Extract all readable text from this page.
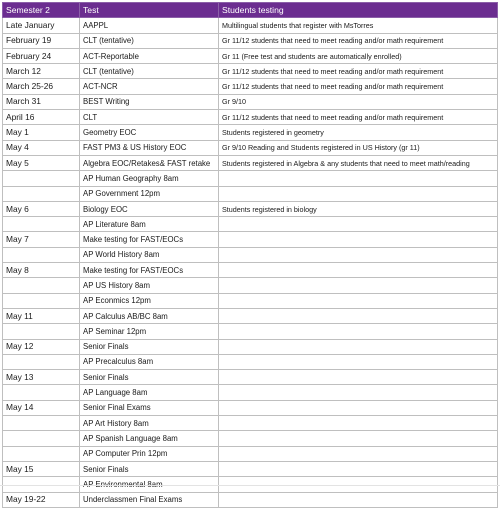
Semester 2	Test	Students testing
Late January	AAPPL	Multilingual students that register with MsTorres
February 19	CLT (tentative)	Gr 11/12 students that need to meet reading and/or math requirement
February 24	ACT-Reportable	Gr 11 (Free test and students are automatically enrolled)
March 12	CLT (tentative)	Gr 11/12 students that need to meet reading and/or math requirement
March 25-26	ACT-NCR	Gr 11/12 students that need to meet reading and/or math requirement
March 31	BEST Writing	Gr 9/10
April 16	CLT	Gr 11/12 students that need to meet reading and/or math requirement
May 1	Geometry EOC	Students registered in geometry
May 4	FAST PM3 & US History EOC	Gr 9/10 Reading and Students registered in US History (gr 11)
May 5	Algebra EOC/Retakes& FAST retake	Students registered in Algebra & any students that need to meet math/reading
	AP Human Geography 8am	
	AP Government 12pm	
May 6	Biology EOC	Students registered in biology
	AP Literature 8am	
May 7	Make testing for FAST/EOCs	
	AP World History 8am	
May 8	Make testing for FAST/EOCs	
	AP US History 8am	
	AP Econmics 12pm	
May 11	AP Calculus AB/BC 8am	
	AP Seminar 12pm	
May 12	Senior Finals	
	AP Precalculus 8am	
May 13	Senior Finals	
	AP Language 8am	
May 14	Senior Final Exams	
	AP Art History 8am	
	AP Spanish Language 8am	
	AP Computer Prin 12pm	
May 15	Senior Finals	
	AP Environmental 8am	
May 19-22	Underclassmen Final Exams	
